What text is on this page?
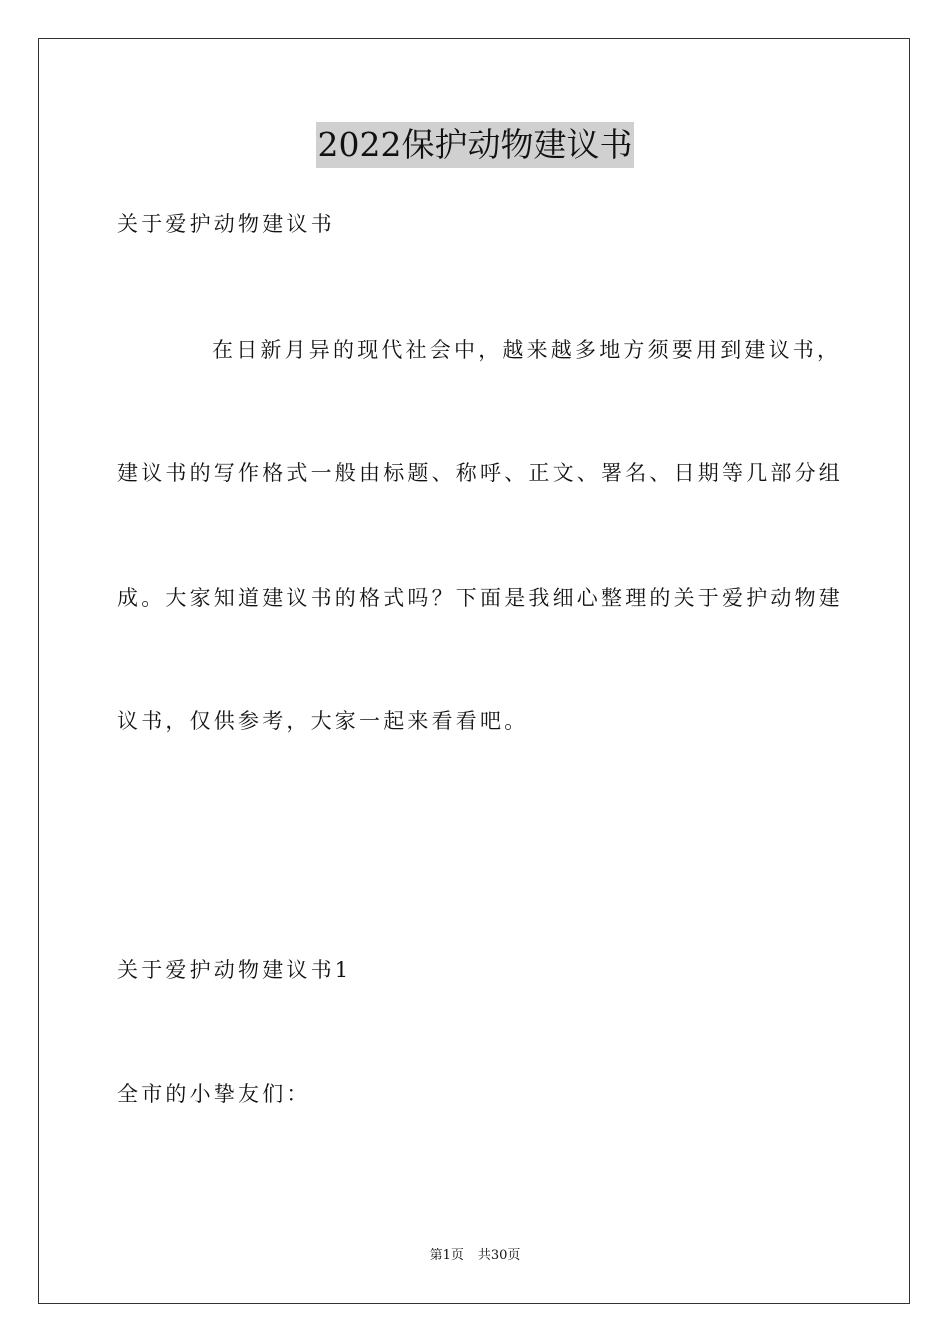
2022保护动物建议书
关于爱护动物建议书
在日新月异的现代社会中，越来越多地方须要用到建议书，
建议书的写作格式一般由标题、称呼、正文、署名、日期等几部分组
成。大家知道建议书的格式吗？下面是我细心整理的关于爱护动物建
议书，仅供参考，大家一起来看看吧。
关于爱护动物建议书1
全市的小挚友们：
第1页 共30页
